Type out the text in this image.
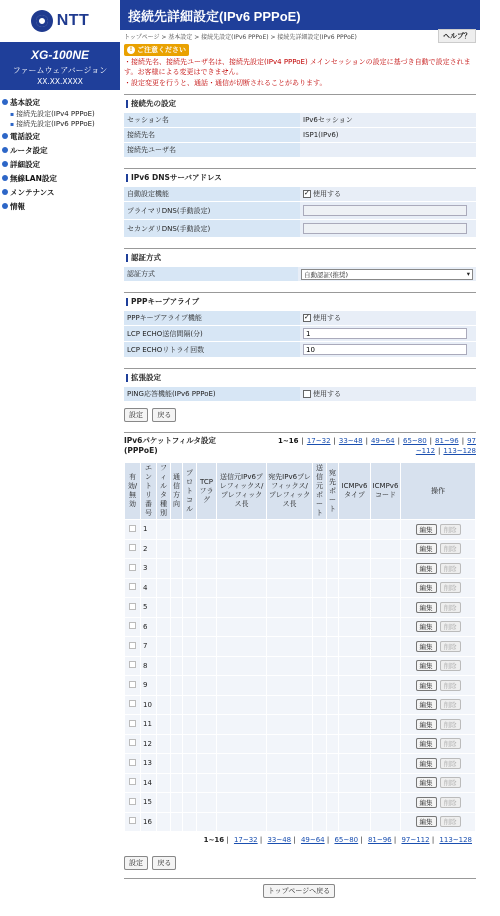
NTT
XG-100NE
ファームウェアバージョン
XX.XX.XXXX
基本設定
▪ 接続先設定(IPv4 PPPoE)
▪ 接続先設定(IPv6 PPPoE)
電話設定
ルータ設定
詳細設定
無線LAN設定
メンテナンス
情報
接続先詳細設定(IPv6 PPPoE)
トップページ > 基本設定 > 接続先設定(IPv6 PPPoE) > 接続先詳細設定(IPv6 PPPoE)	ヘルプ？
! ご注意ください
・接続先名、接続先ユーザ名は、接続先設定(IPv4 PPPoE) メインセッションの設定に基づき自動で設定されます。お客様による変更はできません。
・設定変更を行うと、通話・通信が切断されることがあります。
接続先の設定
セッション名	IPv6セッション
接続先名	ISP1(IPv6)
接続先ユーザ名	
IPv6 DNSサーバアドレス
自動設定機能	✓使用する
プライマリDNS(手動設定)	
セカンダリDNS(手動設定)	
認証方式
認証方式	自動認証(推奨)	▾
PPPキープアライブ
PPPキープアライブ機能	✓使用する
LCP ECHO送信間隔(分)	1
LCP ECHOリトライ回数	10
拡張設定
PING応答機能(IPv6 PPPoE)	使用する
設定 戻る
IPv6パケットフィルタ設定(PPPoE)
1~16 | 17~32 | 33~48 | 49~64 | 65~80 | 81~96 | 97
~112 | 113~128
有効/無効	エントリ番号	フィルタ種別	通信方向	プロトコル	TCPフラグ	送信元IPv6プレフィックス/プレフィックス長	宛先IPv6プレフィックス/プレフィックス長	送信元ポート	宛先ポート	ICMPv6タイプ	ICMPv6コード	操作
	1											編集 削除
	2											編集 削除
	3											編集 削除
	4											編集 削除
	5											編集 削除
	6											編集 削除
	7											編集 削除
	8											編集 削除
	9											編集 削除
	10											編集 削除
	11											編集 削除
	12											編集 削除
	13											編集 削除
	14											編集 削除
	15											編集 削除
	16											編集 削除
1~16 | 17~32 | 33~48 | 49~64 | 65~80 | 81~96 | 97~112 | 113~128
設定 戻る
トップページへ戻る
